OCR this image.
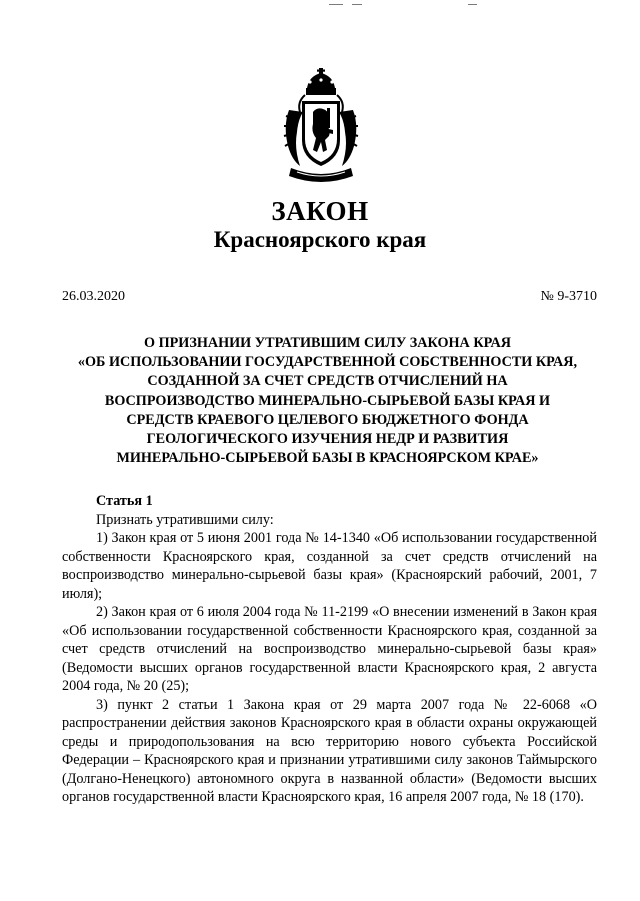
ЗАКОН
Красноярского края
26.03.2020	№ 9-3710
О ПРИЗНАНИИ УТРАТИВШИМ СИЛУ ЗАКОНА КРАЯ
«ОБ ИСПОЛЬЗОВАНИИ ГОСУДАРСТВЕННОЙ СОБСТВЕННОСТИ КРАЯ,
СОЗДАННОЙ ЗА СЧЕТ СРЕДСТВ ОТЧИСЛЕНИЙ НА
ВОСПРОИЗВОДСТВО МИНЕРАЛЬНО-СЫРЬЕВОЙ БАЗЫ КРАЯ И
СРЕДСТВ КРАЕВОГО ЦЕЛЕВОГО БЮДЖЕТНОГО ФОНДА
ГЕОЛОГИЧЕСКОГО ИЗУЧЕНИЯ НЕДР И РАЗВИТИЯ
МИНЕРАЛЬНО-СЫРЬЕВОЙ БАЗЫ В КРАСНОЯРСКОМ КРАЕ»
Статья 1

Признать утратившими силу:

1) Закон края от 5 июня 2001 года № 14-1340 «Об использовании государственной собственности Красноярского края, созданной за счет средств отчислений на воспроизводство минерально-сырьевой базы края» (Красноярский рабочий, 2001, 7 июля);

2) Закон края от 6 июля 2004 года № 11-2199 «О внесении изменений в Закон края «Об использовании государственной собственности Красноярского края, созданной за счет средств отчислений на воспроизводство минерально-сырьевой базы края» (Ведомости высших органов государственной власти Красноярского края, 2 августа 2004 года, № 20 (25);

3) пункт 2 статьи 1 Закона края от 29 марта 2007 года № 22-6068 «О распространении действия законов Красноярского края в области охраны окружающей среды и природопользования на всю территорию нового субъекта Российской Федерации – Красноярского края и признании утратившими силу законов Таймырского (Долгано-Ненецкого) автономного округа в названной области» (Ведомости высших органов государственной власти Красноярского края, 16 апреля 2007 года, № 18 (170).
